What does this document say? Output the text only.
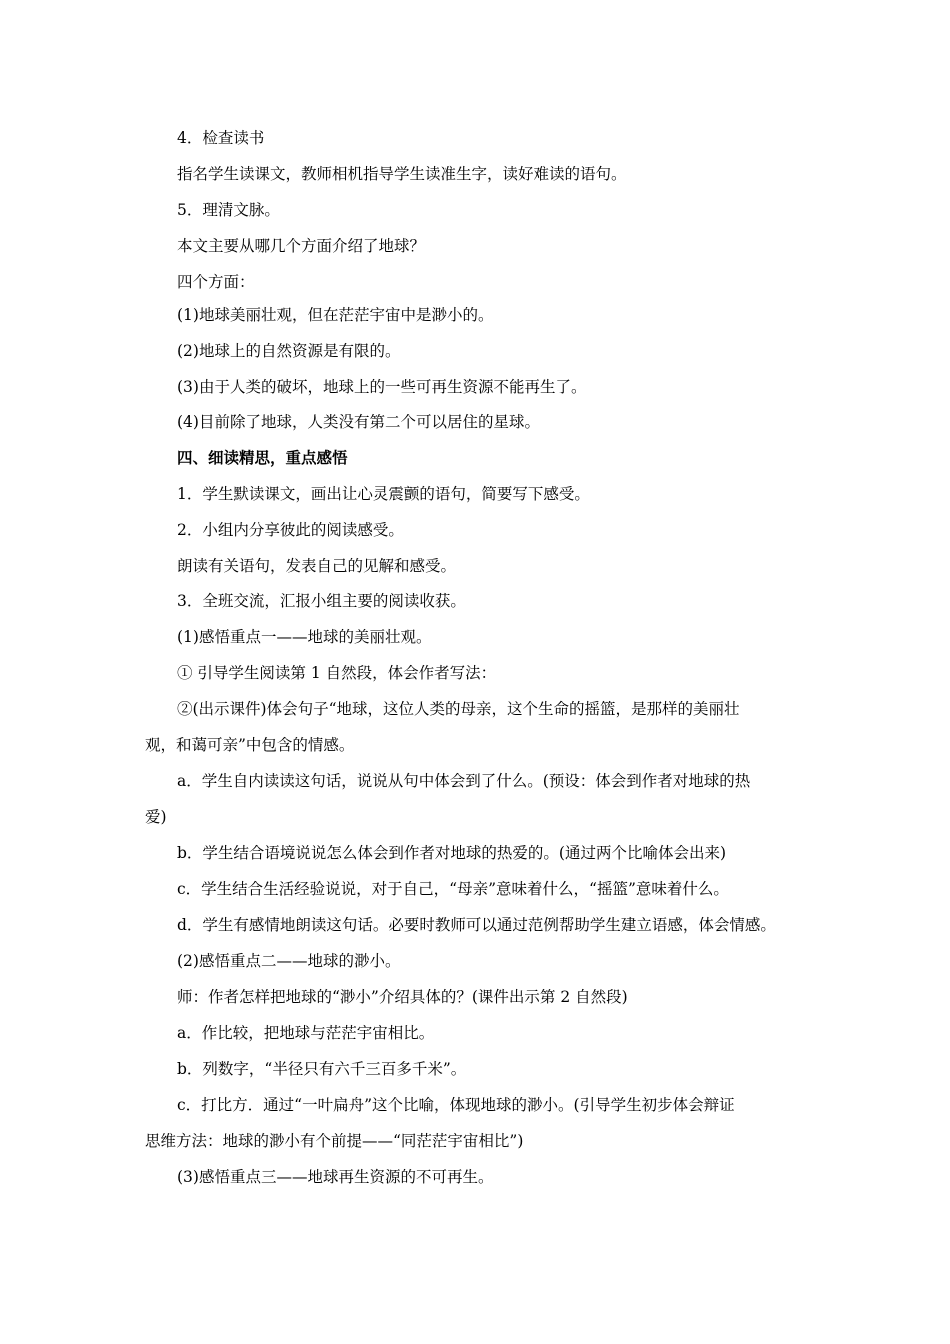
4．检查读书
指名学生读课文，教师相机指导学生读准生字，读好难读的语句。
5．理清文脉。
本文主要从哪几个方面介绍了地球？
四个方面：
(1)地球美丽壮观，但在茫茫宇宙中是渺小的。
(2)地球上的自然资源是有限的。
(3)由于人类的破坏，地球上的一些可再生资源不能再生了。
(4)目前除了地球，人类没有第二个可以居住的星球。
四、细读精思，重点感悟
1．学生默读课文，画出让心灵震颤的语句，简要写下感受。
2．小组内分享彼此的阅读感受。
朗读有关语句，发表自己的见解和感受。
3．全班交流，汇报小组主要的阅读收获。
(1)感悟重点一——地球的美丽壮观。
① 引导学生阅读第 1 自然段，体会作者写法：
②(出示课件)体会句子“地球，这位人类的母亲，这个生命的摇篮，是那样的美丽壮
观，和蔼可亲”中包含的情感。
a．学生自内读读这句话，说说从句中体会到了什么。(预设：体会到作者对地球的热
爱)
b．学生结合语境说说怎么体会到作者对地球的热爱的。(通过两个比喻体会出来)
c．学生结合生活经验说说，对于自己，“母亲”意味着什么，“摇篮”意味着什么。
d．学生有感情地朗读这句话。必要时教师可以通过范例帮助学生建立语感，体会情感。
(2)感悟重点二——地球的渺小。
师：作者怎样把地球的“渺小”介绍具体的？(课件出示第 2 自然段)
a．作比较，把地球与茫茫宇宙相比。
b．列数字，“半径只有六千三百多千米”。
c．打比方．通过“一叶扁舟”这个比喻，体现地球的渺小。(引导学生初步体会辩证
思维方法：地球的渺小有个前提——“同茫茫宇宙相比”)
(3)感悟重点三——地球再生资源的不可再生。
